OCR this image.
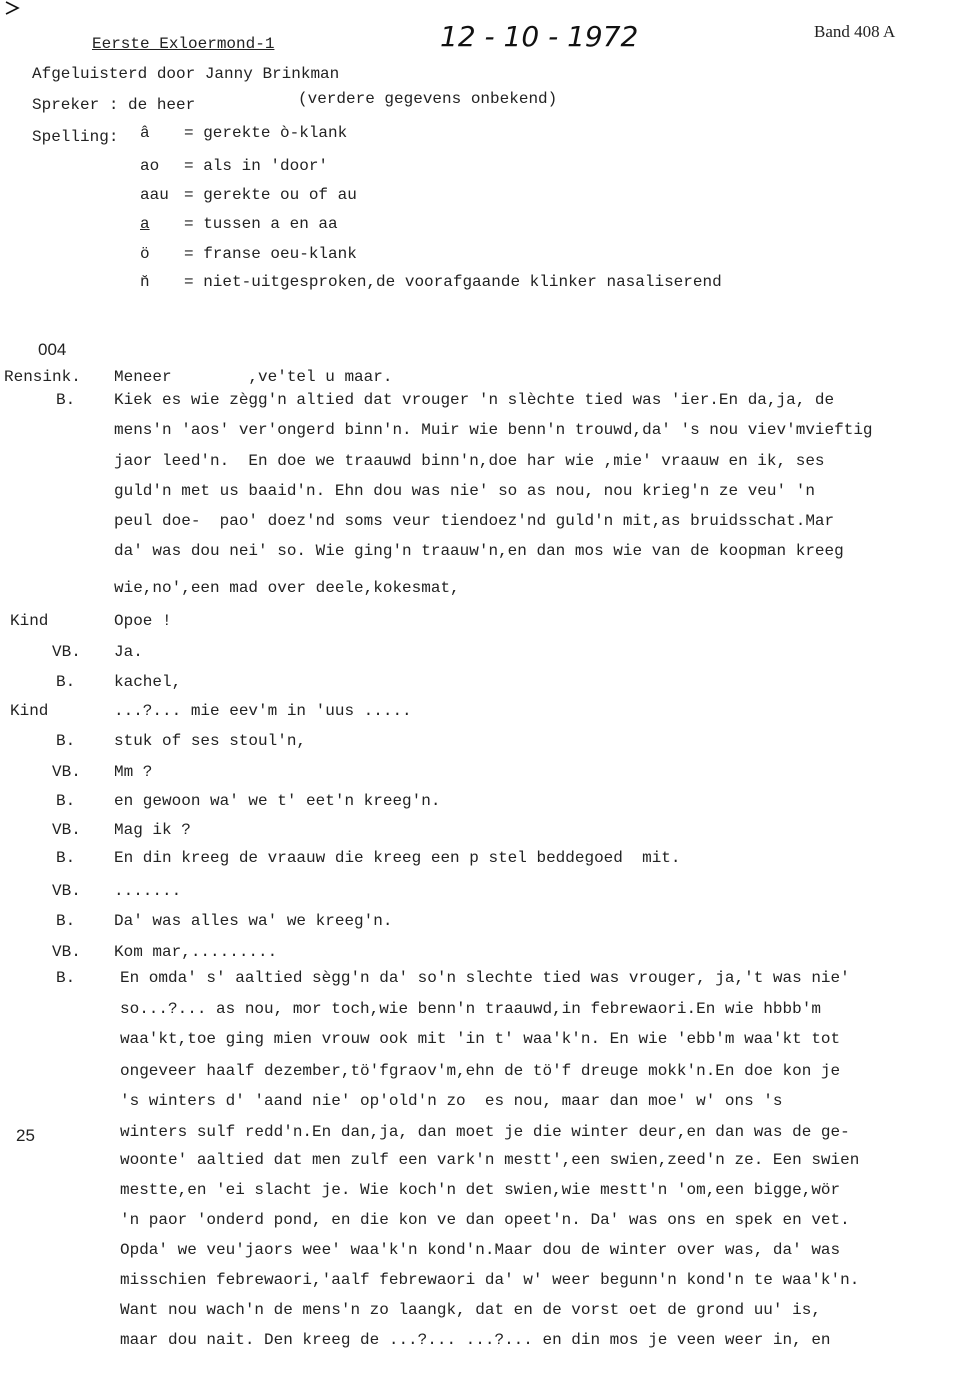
Eerste Exloermond-1	12 - 10 - 1972	Band 408 A
Afgeluisterd door Janny Brinkman
Spreker : de heer	(verdere gegevens onbekend)
Spelling: â = gerekte ò-klank
ao = als in 'door'
aau = gerekte ou of au
a = tussen a en aa
ö = franse oeu-klank
n̆ = niet-uitgesproken,de voorafgaande klinker nasaliserend
004
25
Rensink. Meneer        ,ve'tel u maar.
B. Kiek es wie zègg'n altied dat vrouger 'n slèchte tied was 'ier.En da,ja, de
mens'n 'aos' ver'ongerd binn'n. Muir wie benn'n trouwd,da' 's nou viev'mvieftig
jaor leed'n.  En doe we traauwd binn'n,doe har wie ,mie' vraauw en ik, ses
guld'n met us baaid'n. Ehn dou was nie' so as nou, nou krieg'n ze veu' 'n
peul doe-  pao' doez'nd soms veur tiendoez'nd guld'n mit,as bruidsschat.Mar
da' was dou nei' so. Wie ging'n traauw'n,en dan mos wie van de koopman kreeg
wie,no',een mad over deele,kokesmat,
Kind	Opoe !
VB. Ja.
B. kachel,
Kind	...?... mie eev'm in 'uus .....
B. stuk of ses stoul'n,
VB. Mm ?
B. en gewoon wa' we t' eet'n kreeg'n.
VB. Mag ik ?
B. En din kreeg de vraauw die kreeg een p stel beddegoed  mit.
VB. .......
B. Da' was alles wa' we kreeg'n.
VB. Kom mar,.........
B.	En omda' s' aaltied sègg'n da' so'n slechte tied was vrouger, ja,'t was nie'
so...?... as nou, mor toch,wie benn'n traauwd,in febrewaori.En wie hbbb'm
waa'kt,toe ging mien vrouw ook mit 'in t' waa'k'n. En wie 'ebb'm waa'kt tot
ongeveer haalf dezember,tö'fgraov'm,ehn de tö'f dreuge mokk'n.En doe kon je
's winters d' 'aand nie' op'old'n zo  es nou, maar dan moe' w' ons 's
winters sulf redd'n.En dan,ja, dan moet je die winter deur,en dan was de ge-
woonte' aaltied dat men zulf een vark'n mestt',een swien,zeed'n ze. Een swien
mestte,en 'ei slacht je. Wie koch'n det swien,wie mestt'n 'om,een bigge,wör
'n paor 'onderd pond, en die kon ve dan opeet'n. Da' was ons en spek en vet.
Opda' we veu'jaors wee' waa'k'n kond'n.Maar dou de winter over was, da' was
misschien febrewaori,'aalf febrewaori da' w' weer begunn'n kond'n te waa'k'n.
Want nou wach'n de mens'n zo laangk, dat en de vorst oet de grond uu' is,
maar dou nait. Den kreeg de ...?... ...?... en din mos je veen weer in, en
